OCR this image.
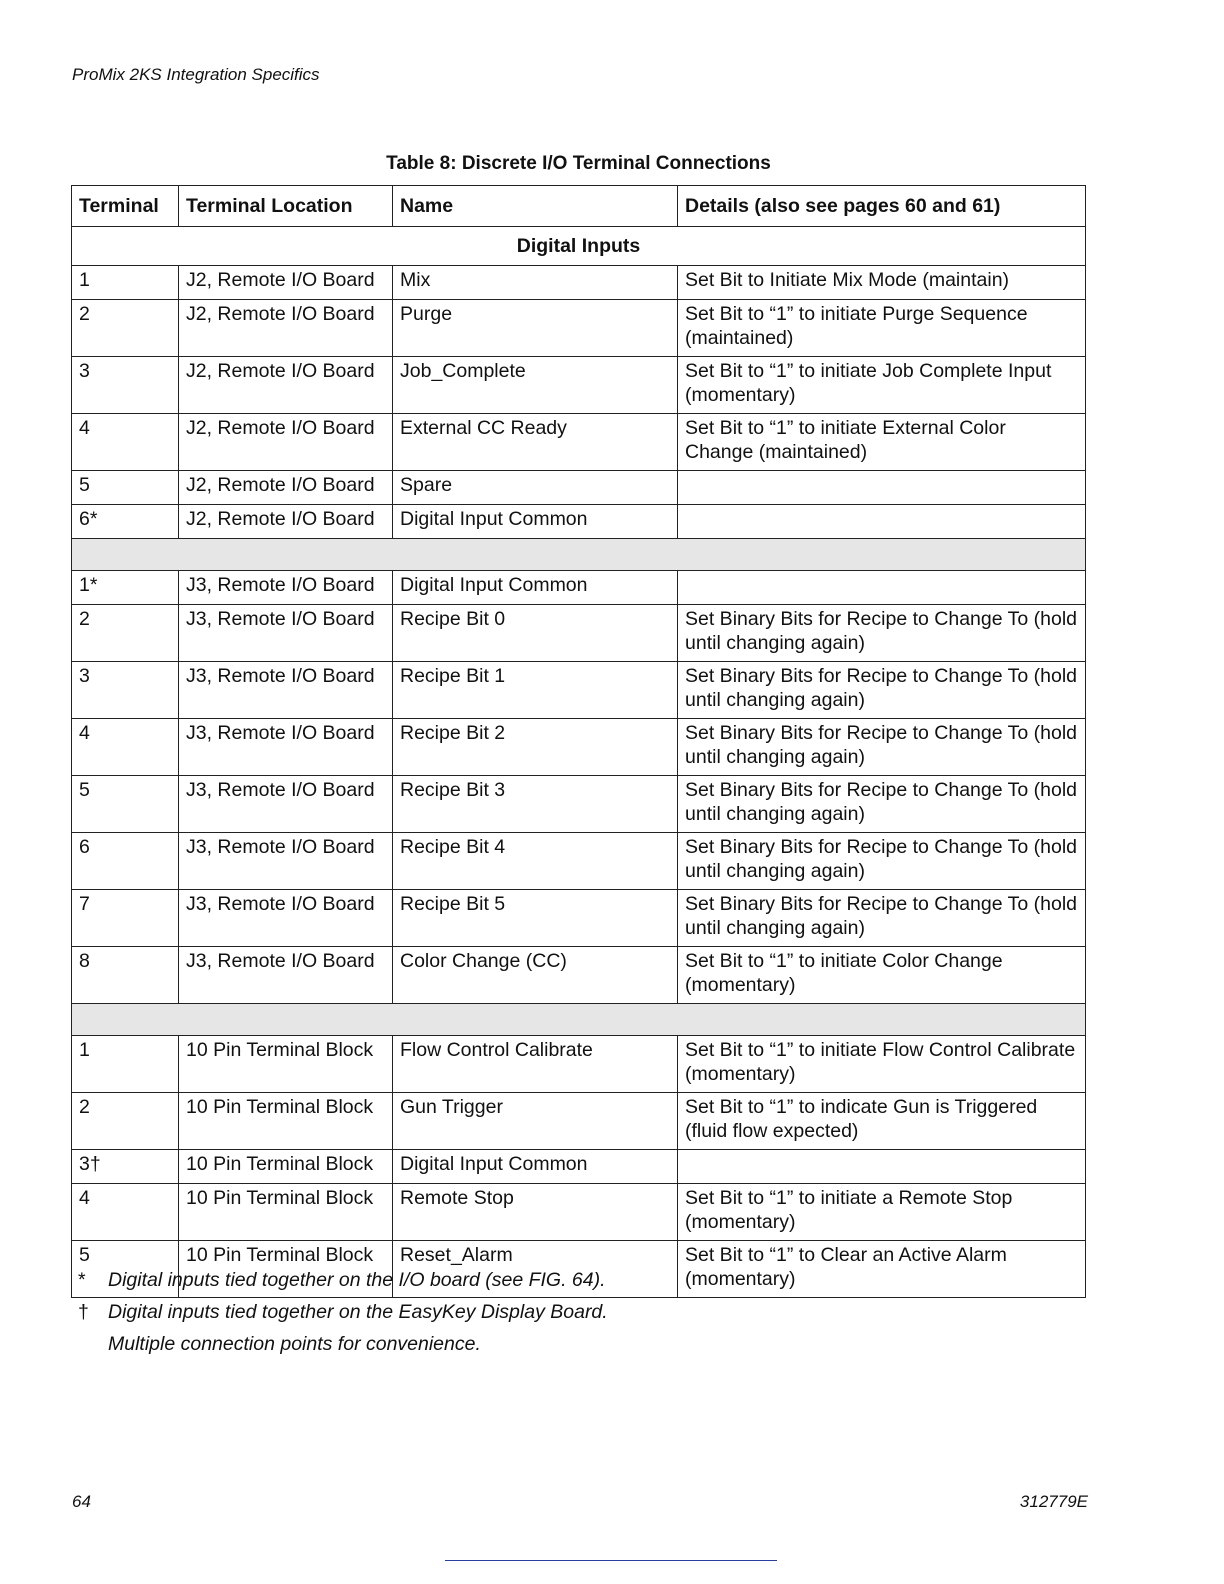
ProMix 2KS Integration Specifics
Table 8: Discrete I/O Terminal Connections
Terminal	Terminal Location	Name	Details (also see pages 60 and 61)
Digital Inputs			
1	J2, Remote I/O Board	Mix	Set Bit to Initiate Mix Mode (maintain)
2	J2, Remote I/O Board	Purge	Set Bit to “1” to initiate Purge Sequence (maintained)
3	J2, Remote I/O Board	Job_Complete	Set Bit to “1” to initiate Job Complete Input (momentary)
4	J2, Remote I/O Board	External CC Ready	Set Bit to “1” to initiate External Color Change (maintained)
5	J2, Remote I/O Board	Spare	
6*	J2, Remote I/O Board	Digital Input Common	

1*	J3, Remote I/O Board	Digital Input Common	
2	J3, Remote I/O Board	Recipe Bit 0	Set Binary Bits for Recipe to Change To (hold until changing again)
3	J3, Remote I/O Board	Recipe Bit 1	Set Binary Bits for Recipe to Change To (hold until changing again)
4	J3, Remote I/O Board	Recipe Bit 2	Set Binary Bits for Recipe to Change To (hold until changing again)
5	J3, Remote I/O Board	Recipe Bit 3	Set Binary Bits for Recipe to Change To (hold until changing again)
6	J3, Remote I/O Board	Recipe Bit 4	Set Binary Bits for Recipe to Change To (hold until changing again)
7	J3, Remote I/O Board	Recipe Bit 5	Set Binary Bits for Recipe to Change To (hold until changing again)
8	J3, Remote I/O Board	Color Change (CC)	Set Bit to “1” to initiate Color Change (momentary)

1	10 Pin Terminal Block	Flow Control Calibrate	Set Bit to “1” to initiate Flow Control Calibrate (momentary)
2	10 Pin Terminal Block	Gun Trigger	Set Bit to “1” to indicate Gun is Triggered (fluid flow expected)
3†	10 Pin Terminal Block	Digital Input Common	
4	10 Pin Terminal Block	Remote Stop	Set Bit to “1” to initiate a Remote Stop (momentary)
5	10 Pin Terminal Block	Reset_Alarm	Set Bit to “1” to Clear an Active Alarm (momentary)
*	Digital inputs tied together on the I/O board (see FIG. 64).
† Digital inputs tied together on the EasyKey Display Board.
Multiple connection points for convenience.
64	312779E
